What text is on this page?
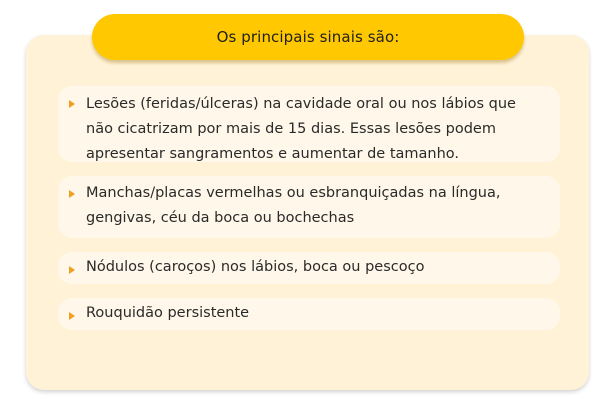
Os principais sinais são:
Lesões (feridas/úlceras) na cavidade oral ou nos lábios que não cicatrizam por mais de 15 dias. Essas lesões podem apresentar sangramentos e aumentar de tamanho.
Manchas/placas vermelhas ou esbranquiçadas na língua, gengivas, céu da boca ou bochechas
Nódulos (caroços) nos lábios, boca ou pescoço
Rouquidão persistente
